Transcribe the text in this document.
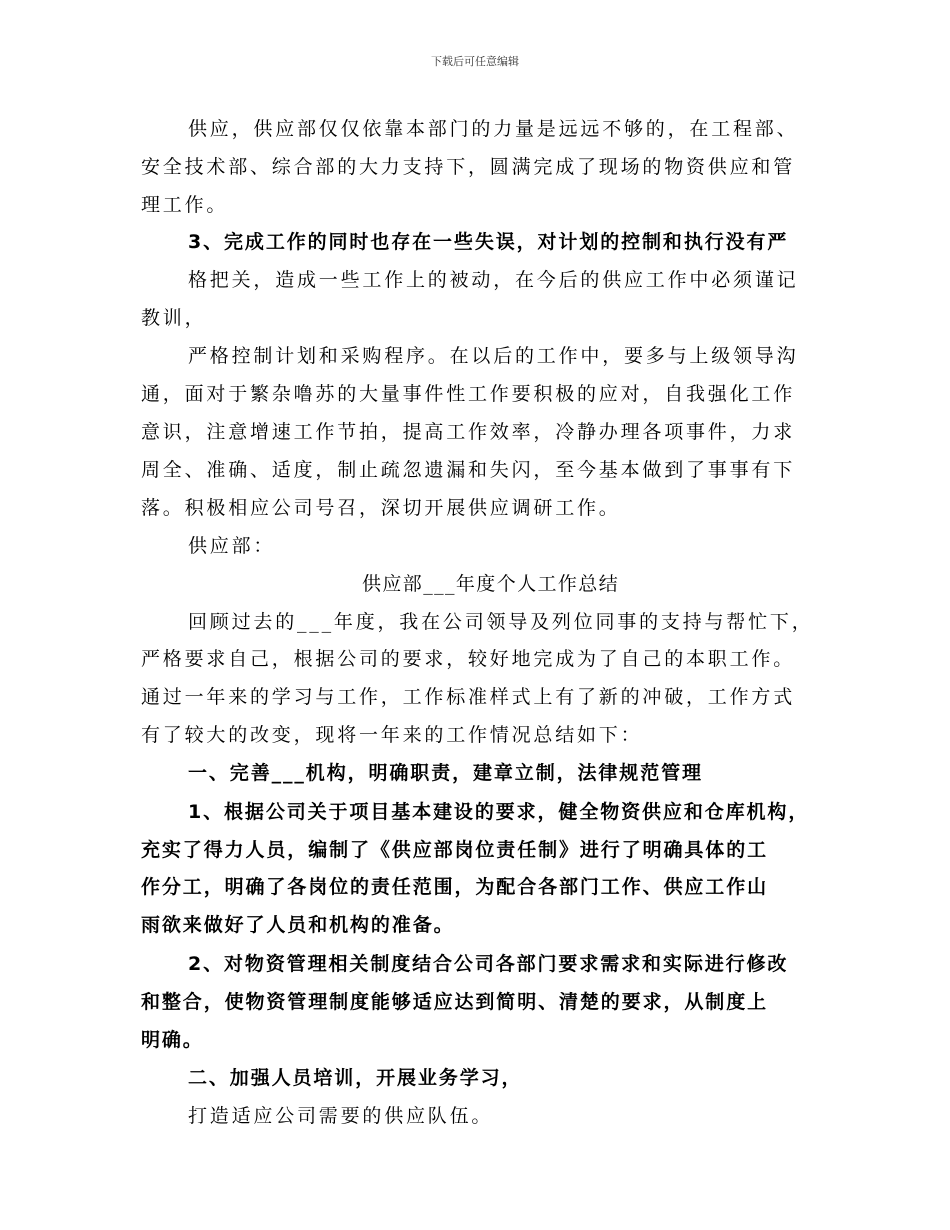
下载后可任意编辑

供应，供应部仅仅依靠本部门的力量是远远不够的，在工程部、

安全技术部、综合部的大力支持下，圆满完成了现场的物资供应和管

理工作。

3、完成工作的同时也存在一些失误，对计划的控制和执行没有严

格把关，造成一些工作上的被动，在今后的供应工作中必须谨记

教训，

严格控制计划和采购程序。在以后的工作中，要多与上级领导沟

通，面对于繁杂噜苏的大量事件性工作要积极的应对，自我强化工作

意识，注意增速工作节拍，提高工作效率，冷静办理各项事件，力求

周全、准确、适度，制止疏忽遗漏和失闪，至今基本做到了事事有下

落。积极相应公司号召，深切开展供应调研工作。

供应部：

供应部___年度个人工作总结

回顾过去的___年度，我在公司领导及列位同事的支持与帮忙下，

严格要求自己，根据公司的要求，较好地完成为了自己的本职工作。

通过一年来的学习与工作，工作标准样式上有了新的冲破，工作方式

有了较大的改变，现将一年来的工作情况总结如下：

一、完善___机构，明确职责，建章立制，法律规范管理

1、根据公司关于项目基本建设的要求，健全物资供应和仓库机构，

充实了得力人员，编制了《供应部岗位责任制》进行了明确具体的工

作分工，明确了各岗位的责任范围，为配合各部门工作、供应工作山

雨欲来做好了人员和机构的准备。

2、对物资管理相关制度结合公司各部门要求需求和实际进行修改

和整合，使物资管理制度能够适应达到简明、清楚的要求，从制度上

明确。

二、加强人员培训，开展业务学习，

打造适应公司需要的供应队伍。
